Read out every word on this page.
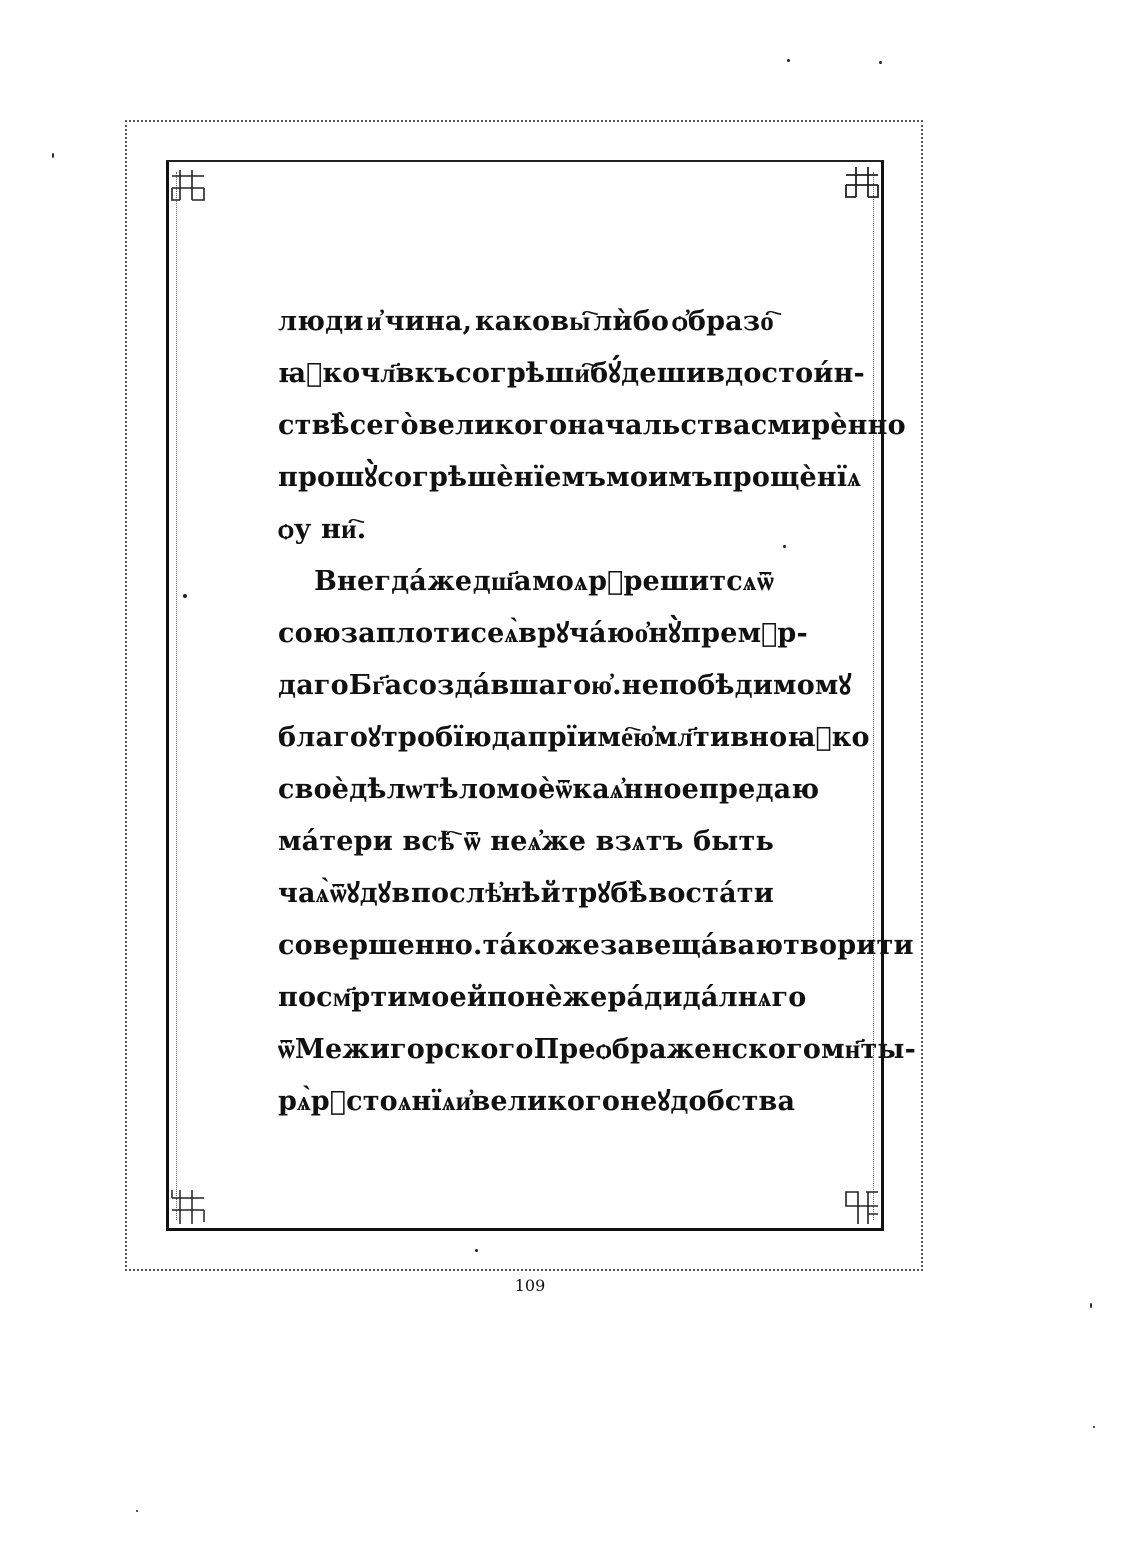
люди и҆ чина, каковы҇ лѝбо ѻ҆бразо҇
ꙗ҆ко чл҃вкъ согрѣши҇ бꙋ́деши в достои́н-
ствѣ̀ сего̀ великого начальства смирѐнно
прошꙋ̀ согрѣшѐнїемъ моимъ прощѐнїѧ
ѻу ни҇.
Внегда́ же дш҃а моѧ рⷶрешитсѧ ѿ
союза плоти сеѧ̀ врꙋча́ю о҆нꙋ̀ премⷣр-
даго Бг҃а созда́вшаго ю҆. непобѣдимомꙋ
благоꙋтробїю да прїиме҇ ю҆ мл҃тивно ꙗ҆ко
своѐ дѣлѡ тѣло моѐ ѿкаѧ҆нное предаю
ма́тери всѣ҇ ѿ неѧ҆же взѧтъ быть
чаѧ̀ ѿꙋдꙋ в послѣ҆нѣй трꙋбѣ̀ воста́ти
совершенно. та́коже завеща́ваю творити
по см҃рти моей понѐже ра́ди да́лнѧго
ѿ Межигорского Преѻбраженского мн҃ты-
рѧ̀ рⷶстоѧнїѧ и҆ великого неꙋдобства
109
